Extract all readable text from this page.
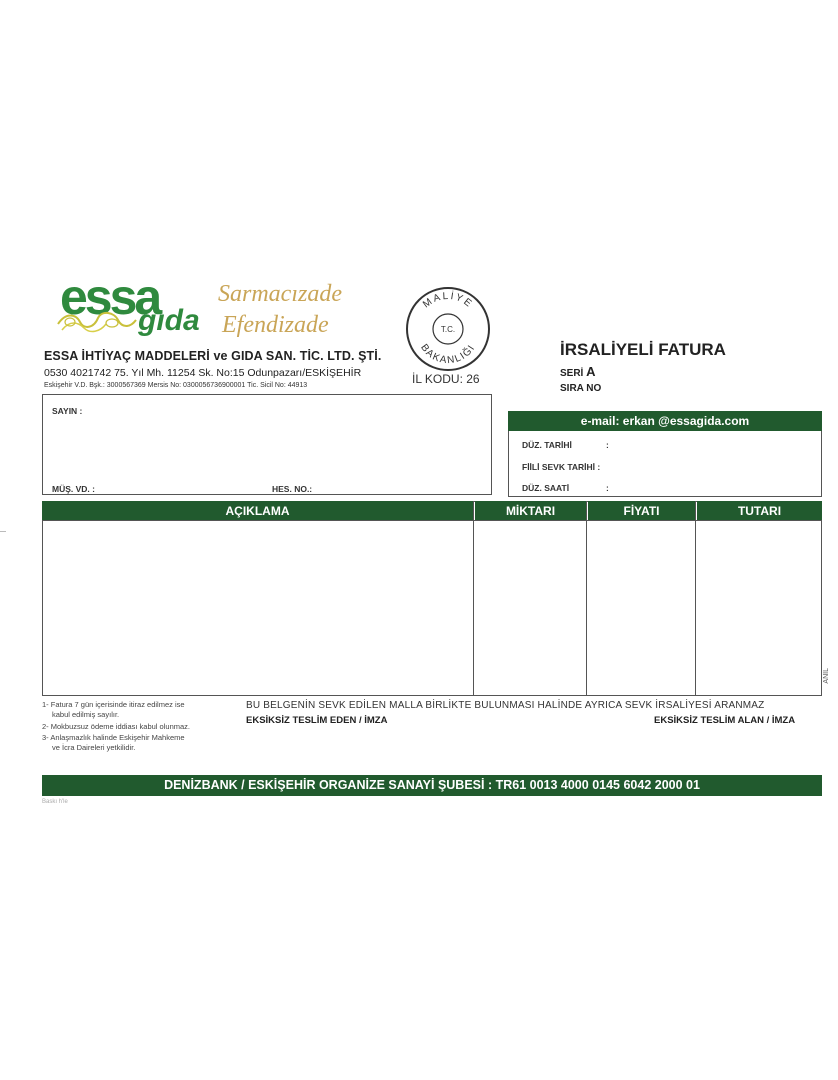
essa
gıda
Sarmacızade
Efendizade
ESSA İHTİYAÇ MADDELERİ ve GIDA SAN. TİC. LTD. ŞTİ.
0530 4021742 75. Yıl Mh. 11254 Sk. No:15 Odunpazarı/ESKİŞEHİR
Eskişehir V.D. Bşk.: 3000567369 Mersis No: 0300056736900001 Tic. Sicil No: 44913
MALİYE
BAKANLIĞI
T.C.
İL KODU: 26
İRSALİYELİ FATURA
SERİ A
SIRA NO
SAYIN :
MÜŞ. VD. :	HES. NO.:
e-mail: erkan @essagida.com
DÜZ. TARİHİ	:
FİİLİ SEVK TARİHİ :
DÜZ. SAATİ	:
AÇIKLAMA	MİKTARI	FİYATI	TUTARI
1- Fatura 7 gün içerisinde itiraz edilmez ise
kabul edilmiş sayılır.
2- Mokbuzsuz ödeme iddiası kabul olunmaz.
3- Anlaşmazlık halinde Eskişehir Mahkeme
ve İcra Daireleri yetkilidir.
BU BELGENİN SEVK EDİLEN MALLA BİRLİKTE BULUNMASI HALİNDE AYRICA SEVK İRSALİYESİ ARANMAZ
EKSİKSİZ TESLİM EDEN / İMZA	EKSİKSİZ TESLİM ALAN / İMZA
ANIL
DENİZBANK / ESKİŞEHİR ORGANİZE SANAYİ ŞUBESİ : TR61 0013 4000 0145 6042 2000 01
Baskı h'le
